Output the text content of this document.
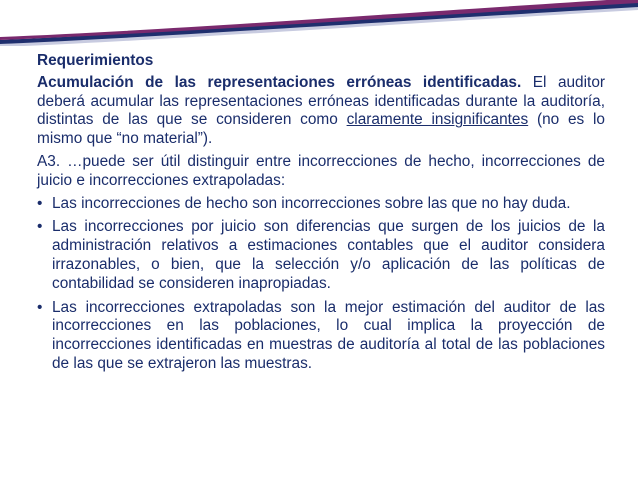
Requerimientos

Acumulación de las representaciones erróneas identificadas. El auditor deberá acumular las representaciones erróneas identificadas durante la auditoría, distintas de las que se consideren como claramente insignificantes (no es lo mismo que “no material”).

A3. …puede ser útil distinguir entre incorrecciones de hecho, incorrecciones de juicio e incorrecciones extrapoladas:

• Las incorrecciones de hecho son incorrecciones sobre las que no hay duda.
• Las incorrecciones por juicio son diferencias que surgen de los juicios de la administración relativos a estimaciones contables que el auditor considera irrazonables, o bien, que la selección y/o aplicación de las políticas de contabilidad se consideren inapropiadas.
• Las incorrecciones extrapoladas son la mejor estimación del auditor de las incorrecciones en las poblaciones, lo cual implica la proyección de incorrecciones identificadas en muestras de auditoría al total de las poblaciones de las que se extrajeron las muestras.
